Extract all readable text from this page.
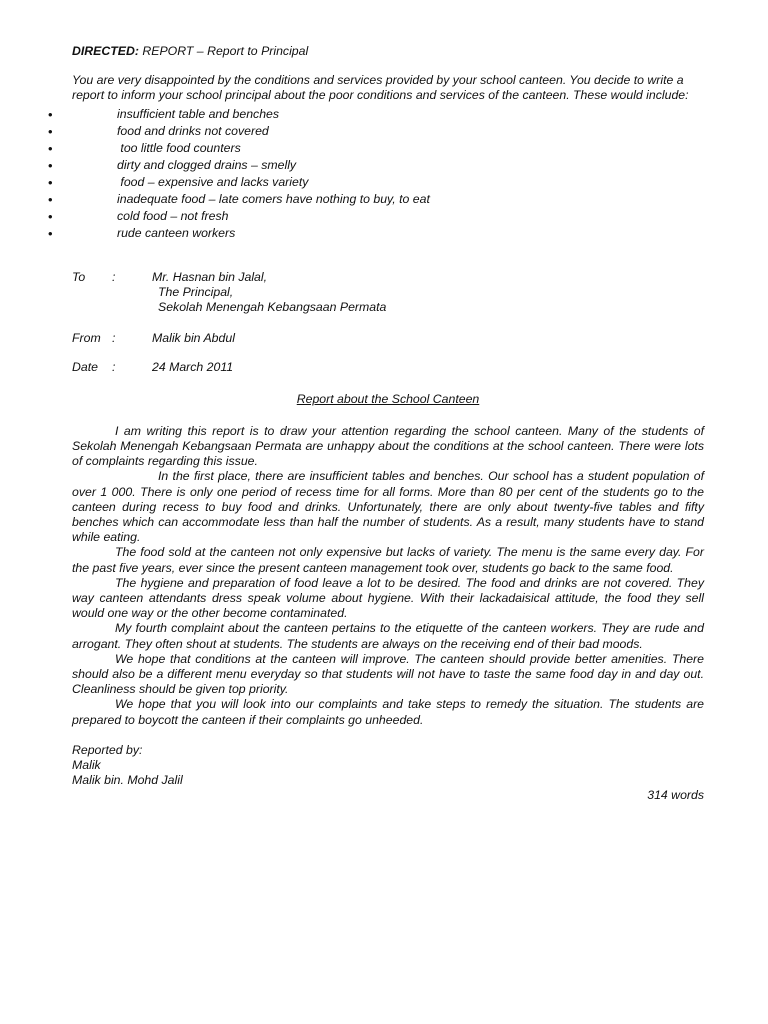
DIRECTED: REPORT – Report to Principal

You are very disappointed by the conditions and services provided by your school canteen. You decide to write a report to inform your school principal about the poor conditions and services of the canteen. These would include:

•	insufficient table and benches
•	food and drinks not covered
•	too little food counters
•	dirty and clogged drains – smelly
•	food – expensive and lacks variety
•	inadequate food – late comers have nothing to buy, to eat
•	cold food – not fresh
•	rude canteen workers
To :	Mr. Hasnan bin Jalal,
The Principal,
Sekolah Menengah Kebangsaan Permata
From :	Malik bin Abdul
Date :	24 March 2011
Report about the School Canteen

I am writing this report is to draw your attention regarding the school canteen. Many of the students of Sekolah Menengah Kebangsaan Permata are unhappy about the conditions at the school canteen. There were lots of complaints regarding this issue.

In the first place, there are insufficient tables and benches. Our school has a student population of over 1 000. There is only one period of recess time for all forms. More than 80 per cent of the students go to the canteen during recess to buy food and drinks. Unfortunately, there are only about twenty-five tables and fifty benches which can accommodate less than half the number of students. As a result, many students have to stand while eating.

The food sold at the canteen not only expensive but lacks of variety. The menu is the same every day. For the past five years, ever since the present canteen management took over, students go back to the same food.

The hygiene and preparation of food leave a lot to be desired. The food and drinks are not covered. They way canteen attendants dress speak volume about hygiene. With their lackadaisical attitude, the food they sell would one way or the other become contaminated.

My fourth complaint about the canteen pertains to the etiquette of the canteen workers. They are rude and arrogant. They often shout at students. The students are always on the receiving end of their bad moods.

We hope that conditions at the canteen will improve. The canteen should provide better amenities. There should also be a different menu everyday so that students will not have to taste the same food day in and day out. Cleanliness should be given top priority.

We hope that you will look into our complaints and take steps to remedy the situation. The students are prepared to boycott the canteen if their complaints go unheeded.

Reported by:
Malik
Malik bin. Mohd Jalil
314 words
